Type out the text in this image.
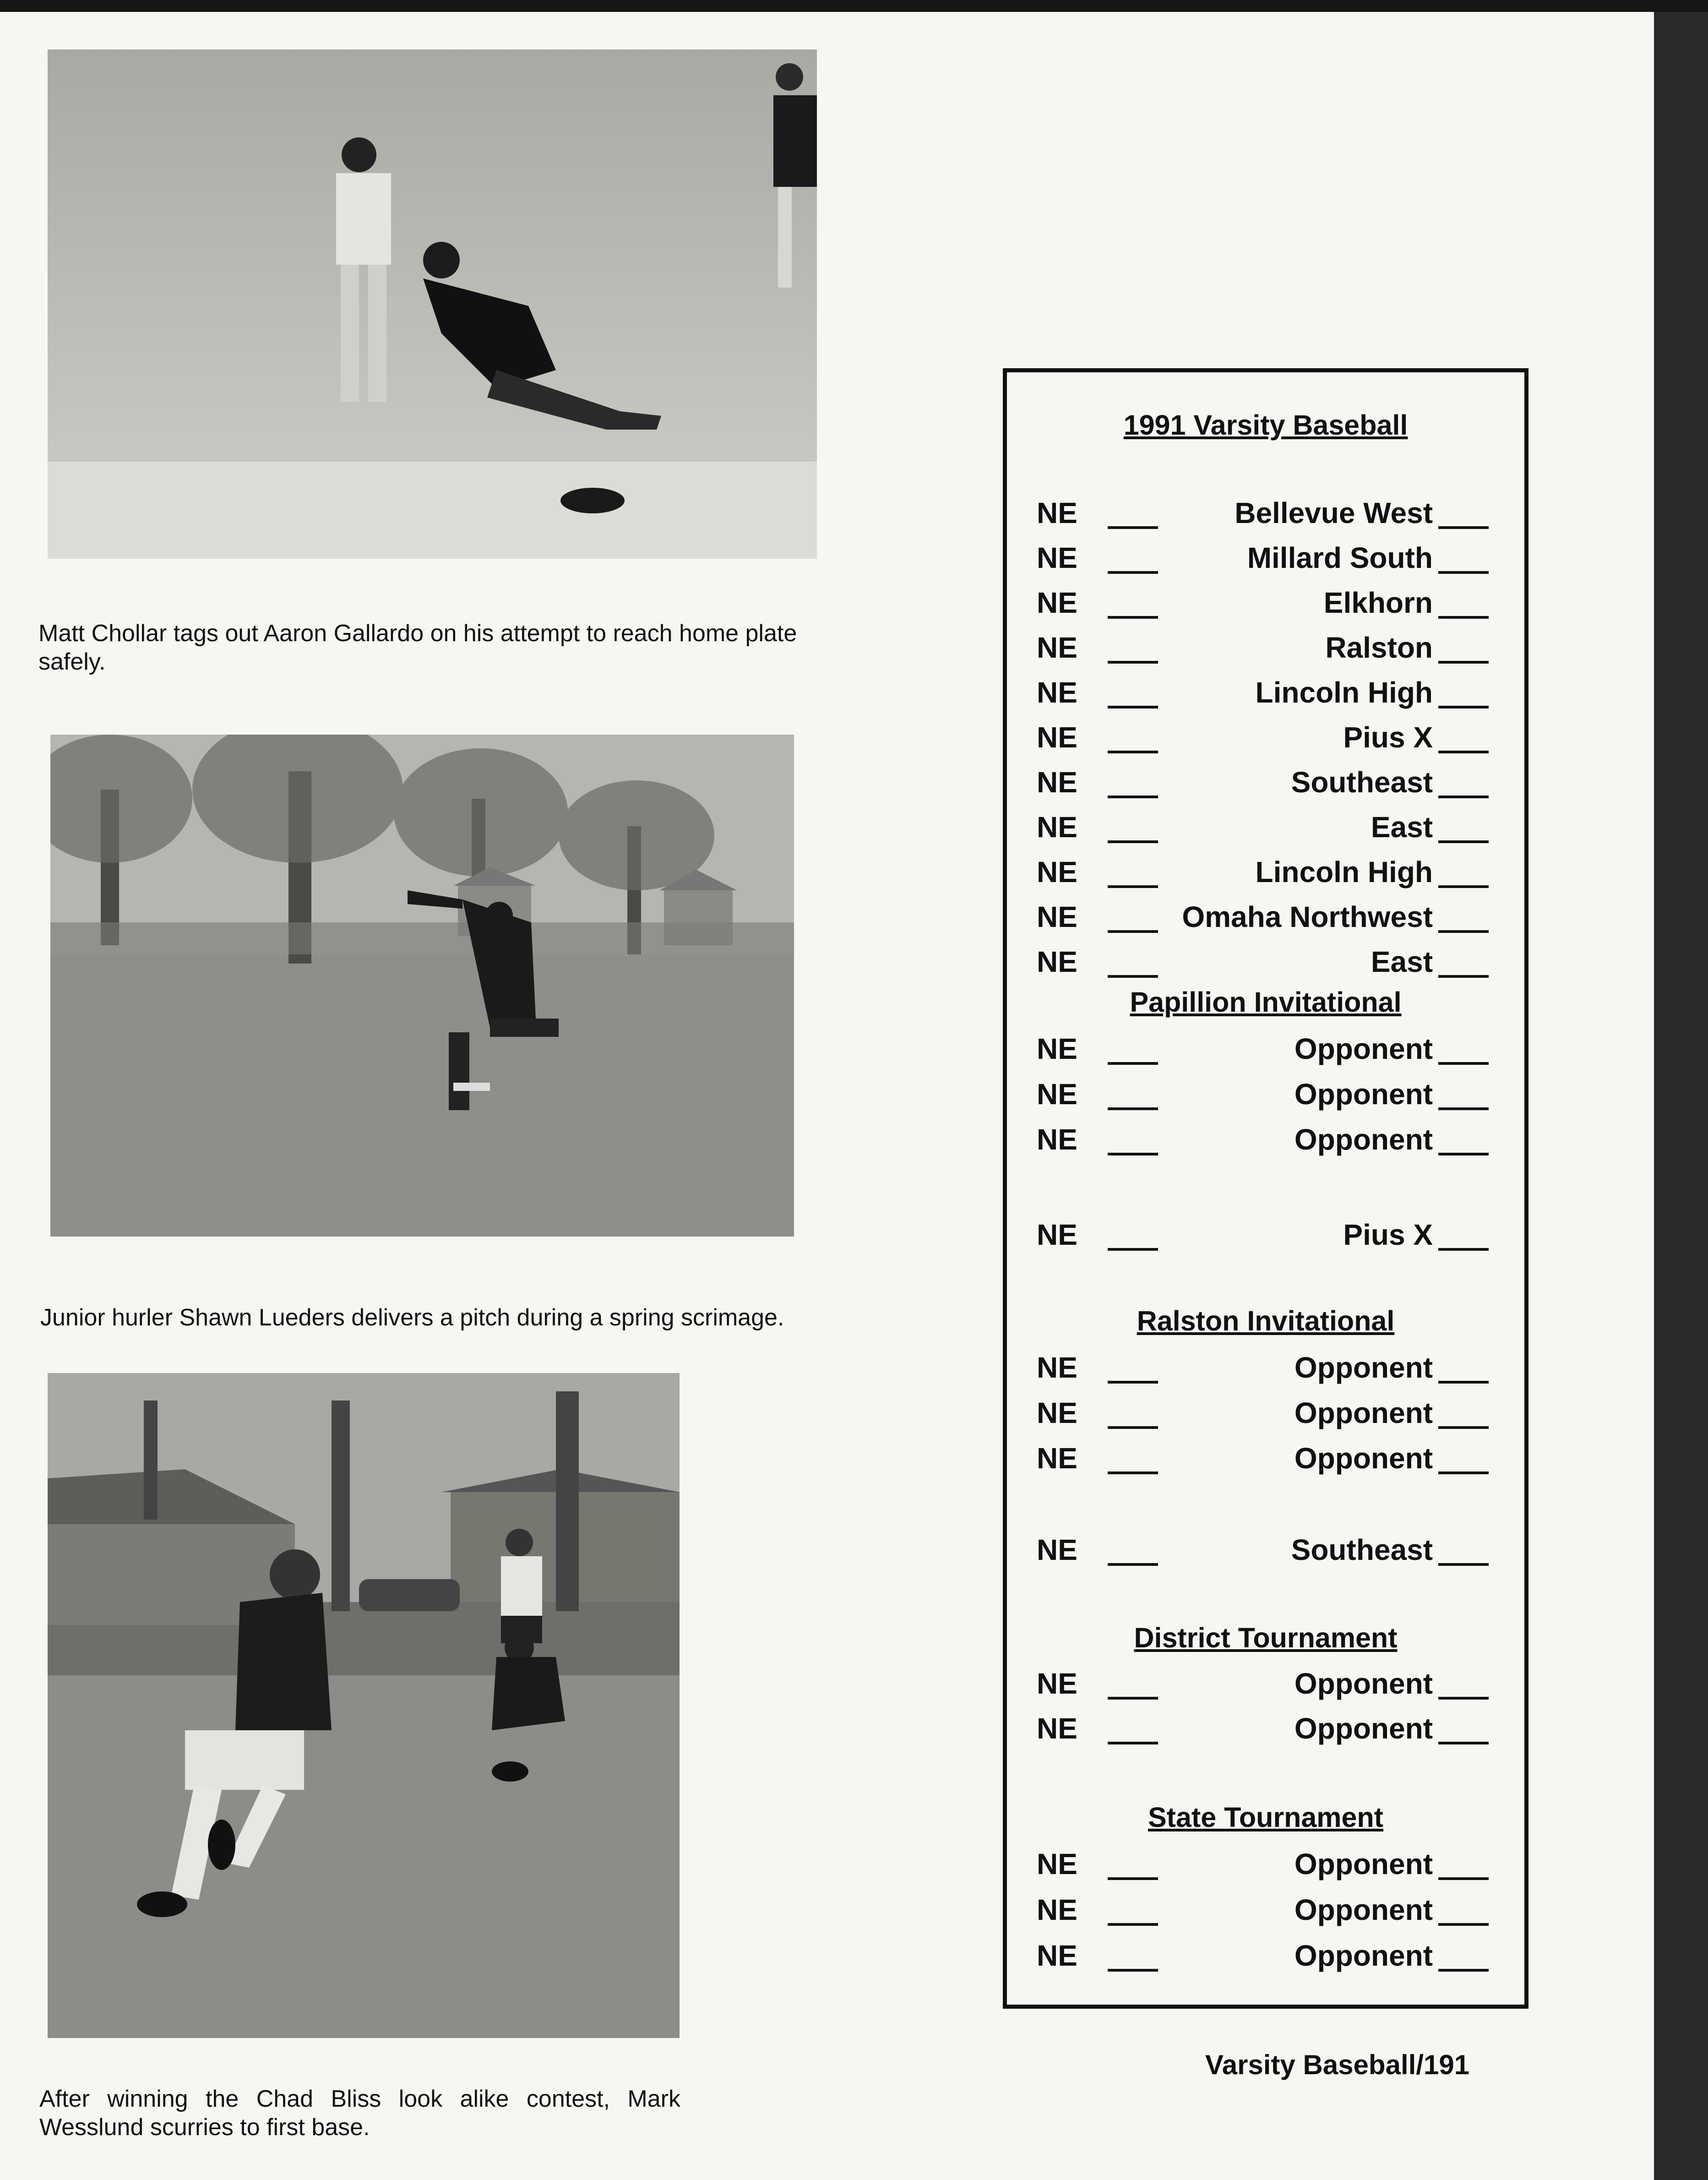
Matt Chollar tags out Aaron Gallardo on his attempt to reach home plate safely.
Junior hurler Shawn Lueders delivers a pitch during a spring scrimage.
After winning the Chad Bliss look alike contest, Mark Wesslund scurries to first base.
1991 Varsity Baseball
NE	Bellevue West
NE	Millard South
NE	Elkhorn
NE	Ralston
NE	Lincoln High
NE	Pius X
NE	Southeast
NE	East
NE	Lincoln High
NE	Omaha Northwest
NE	East
Papillion Invitational
NE	Opponent
NE	Opponent
NE	Opponent
NE	Pius X
Ralston Invitational
NE	Opponent
NE	Opponent
NE	Opponent
NE	Southeast
District Tournament
NE	Opponent
NE	Opponent
State Tournament
NE	Opponent
NE	Opponent
NE	Opponent
Varsity Baseball/191
